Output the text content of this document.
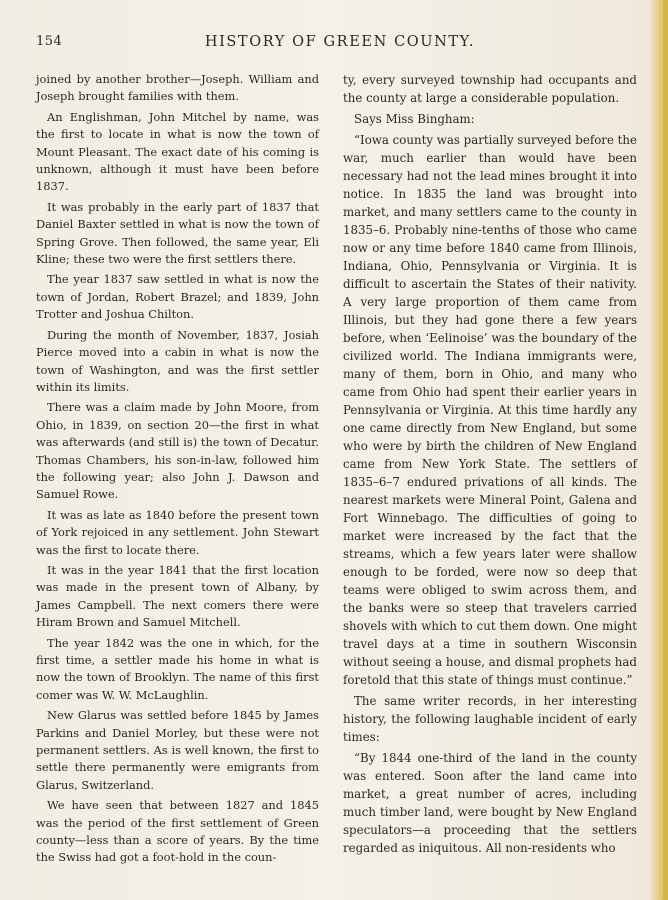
154	HISTORY OF GREEN COUNTY.

joined by another brother—Joseph. William and Joseph brought families with them.

An Englishman, John Mitchel by name, was the first to locate in what is now the town of Mount Pleasant. The exact date of his coming is unknown, although it must have been before 1837.

It was probably in the early part of 1837 that Daniel Baxter settled in what is now the town of Spring Grove. Then followed, the same year, Eli Kline; these two were the first settlers there.

The year 1837 saw settled in what is now the town of Jordan, Robert Brazel; and 1839, John Trotter and Joshua Chilton.

During the month of November, 1837, Josiah Pierce moved into a cabin in what is now the town of Washington, and was the first settler within its limits.

There was a claim made by John Moore, from Ohio, in 1839, on section 20—the first in what was afterwards (and still is) the town of Decatur. Thomas Chambers, his son-in-law, followed him the following year; also John J. Dawson and Samuel Rowe.

It was as late as 1840 before the present town of York rejoiced in any settlement. John Stewart was the first to locate there.

It was in the year 1841 that the first location was made in the present town of Albany, by James Campbell. The next comers there were Hiram Brown and Samuel Mitchell.

The year 1842 was the one in which, for the first time, a settler made his home in what is now the town of Brooklyn. The name of this first comer was W. W. McLaughlin.

New Glarus was settled before 1845 by James Parkins and Daniel Morley, but these were not permanent settlers. As is well known, the first to settle there permanently were emigrants from Glarus, Switzerland.

We have seen that between 1827 and 1845 was the period of the first settlement of Green county—less than a score of years. By the time the Swiss had got a foot-hold in the coun-

ty, every surveyed township had occupants and the county at large a considerable population.

Says Miss Bingham:

“Iowa county was partially surveyed before the war, much earlier than would have been necessary had not the lead mines brought it into notice. In 1835 the land was brought into market, and many settlers came to the county in 1835–6. Probably nine-tenths of those who came now or any time before 1840 came from Illinois, Indiana, Ohio, Pennsylvania or Virginia. It is difficult to ascertain the States of their nativity. A very large proportion of them came from Illinois, but they had gone there a few years before, when ‘Eelinoise’ was the boundary of the civilized world. The Indiana immigrants were, many of them, born in Ohio, and many who came from Ohio had spent their earlier years in Pennsylvania or Virginia. At this time hardly any one came directly from New England, but some who were by birth the children of New England came from New York State. The settlers of 1835–6–7 endured privations of all kinds. The nearest markets were Mineral Point, Galena and Fort Winnebago. The difficulties of going to market were increased by the fact that the streams, which a few years later were shallow enough to be forded, were now so deep that teams were obliged to swim across them, and the banks were so steep that travelers carried shovels with which to cut them down. One might travel days at a time in southern Wisconsin without seeing a house, and dismal prophets had foretold that this state of things must continue.”

The same writer records, in her interesting history, the following laughable incident of early times:

“By 1844 one-third of the land in the county was entered. Soon after the land came into market, a great number of acres, including much timber land, were bought by New England speculators—a proceeding that the settlers regarded as iniquitous. All non-residents who
